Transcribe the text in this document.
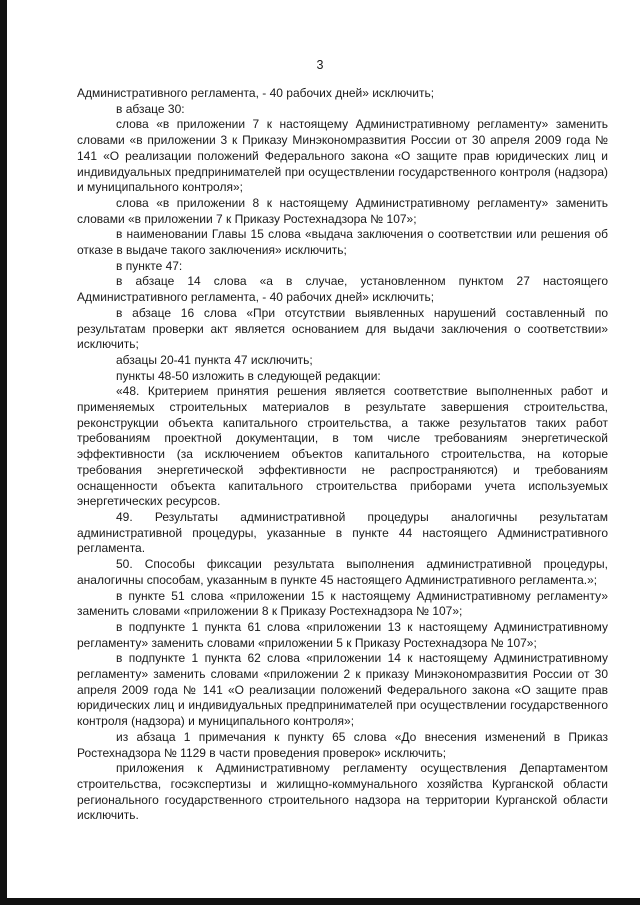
3

Административного регламента, - 40 рабочих дней» исключить;

в абзаце 30:

слова «в приложении 7 к настоящему Административному регламенту» заменить словами «в приложении 3 к Приказу Минэкономразвития России от 30 апреля 2009 года № 141 «О реализации положений Федерального закона «О защите прав юридических лиц и индивидуальных предпринимателей при осуществлении государственного контроля (надзора) и муниципального контроля»;

слова «в приложении 8 к настоящему Административному регламенту» заменить словами «в приложении 7 к Приказу Ростехнадзора № 107»;

в наименовании Главы 15 слова «выдача заключения о соответствии или решения об отказе в выдаче такого заключения» исключить;

в пункте 47:

в абзаце 14 слова «а в случае, установленном пунктом 27 настоящего Административного регламента, - 40 рабочих дней» исключить;

в абзаце 16 слова «При отсутствии выявленных нарушений составленный по результатам проверки акт является основанием для выдачи заключения о соответствии» исключить;

абзацы 20-41 пункта 47 исключить;

пункты 48-50 изложить в следующей редакции:

«48. Критерием принятия решения является соответствие выполненных работ и применяемых строительных материалов в результате завершения строительства, реконструкции объекта капитального строительства, а также результатов таких работ требованиям проектной документации, в том числе требованиям энергетической эффективности (за исключением объектов капитального строительства, на которые требования энергетической эффективности не распространяются) и требованиям оснащенности объекта капитального строительства приборами учета используемых энергетических ресурсов.

49. Результаты административной процедуры аналогичны результатам административной процедуры, указанные в пункте 44 настоящего Административного регламента.

50. Способы фиксации результата выполнения административной процедуры, аналогичны способам, указанным в пункте 45 настоящего Административного регламента.»;

в пункте 51 слова «приложении 15 к настоящему Административному регламенту» заменить словами «приложении 8 к Приказу Ростехнадзора № 107»;

в подпункте 1 пункта 61 слова «приложении 13 к настоящему Административному регламенту» заменить словами «приложении 5 к Приказу Ростехнадзора № 107»;

в подпункте 1 пункта 62 слова «приложении 14 к настоящему Административному регламенту» заменить словами «приложении 2 к приказу Минэкономразвития России от 30 апреля 2009 года № 141 «О реализации положений Федерального закона «О защите прав юридических лиц и индивидуальных предпринимателей при осуществлении государственного контроля (надзора) и муниципального контроля»;

из абзаца 1 примечания к пункту 65 слова «До внесения изменений в Приказ Ростехнадзора № 1129 в части проведения проверок» исключить;

приложения к Административному регламенту осуществления Департаментом строительства, госэкспертизы и жилищно-коммунального хозяйства Курганской области регионального государственного строительного надзора на территории Курганской области исключить.
